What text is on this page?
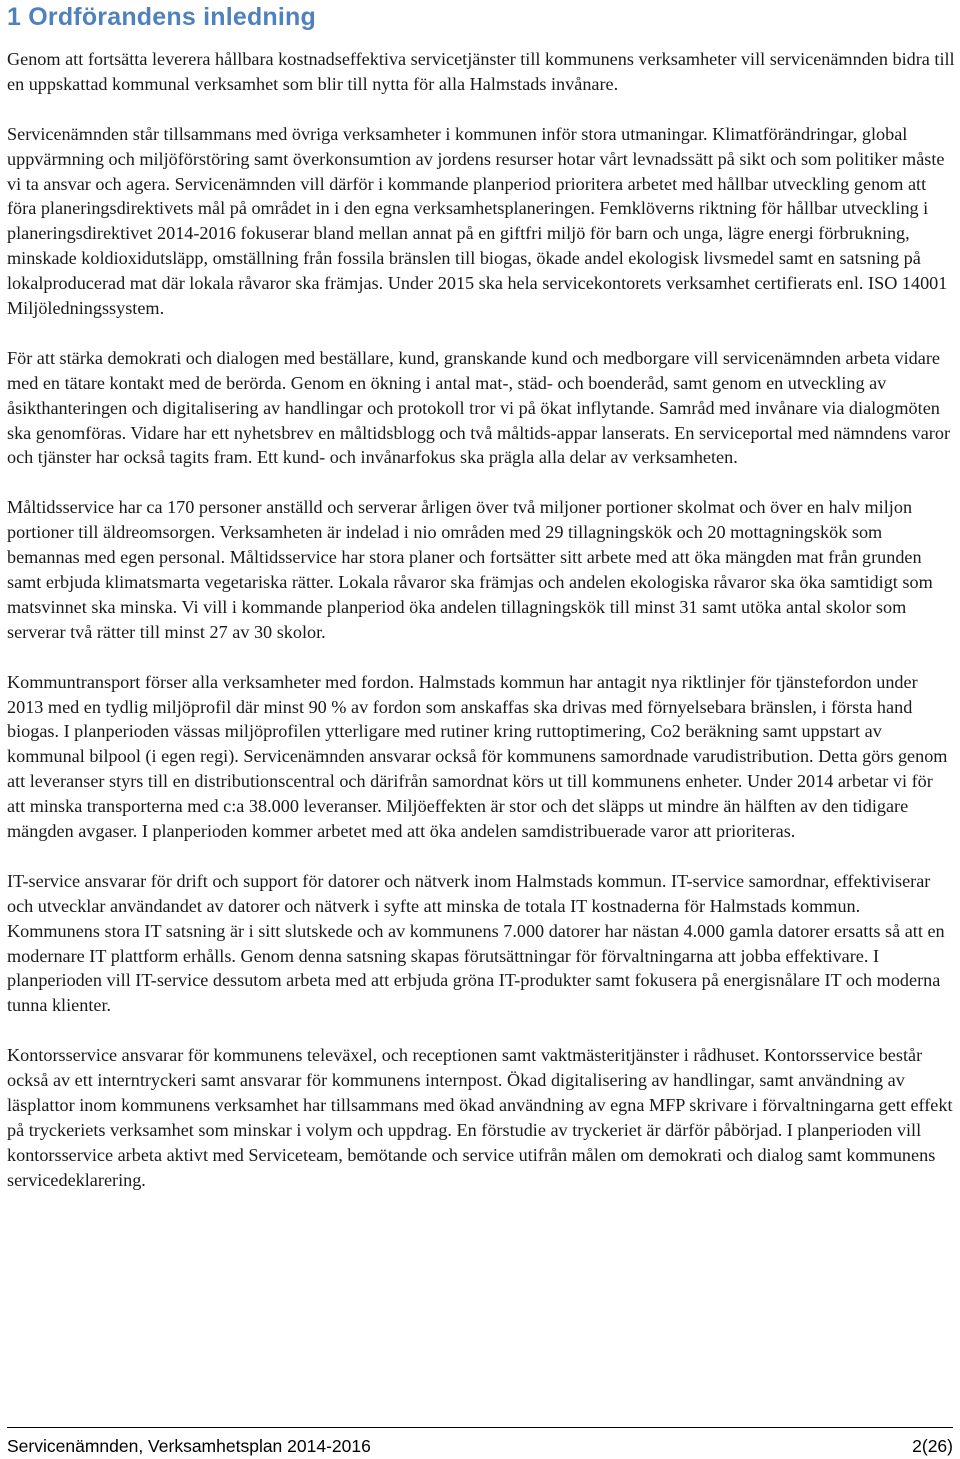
1 Ordförandens inledning

Genom att fortsätta leverera hållbara kostnadseffektiva servicetjänster till kommunens verksamheter vill servicenämnden bidra till en uppskattad kommunal verksamhet som blir till nytta för alla Halmstads invånare.

Servicenämnden står tillsammans med övriga verksamheter i kommunen inför stora utmaningar. Klimatförändringar, global uppvärmning och miljöförstöring samt överkonsumtion av jordens resurser hotar vårt levnadssätt på sikt och som politiker måste vi ta ansvar och agera. Servicenämnden vill därför i kommande planperiod prioritera arbetet med hållbar utveckling genom att föra planeringsdirektivets mål på området in i den egna verksamhetsplaneringen. Femklöverns riktning för hållbar utveckling i planeringsdirektivet 2014-2016 fokuserar bland mellan annat på en giftfri miljö för barn och unga, lägre energi förbrukning, minskade koldioxidutsläpp, omställning från fossila bränslen till biogas, ökade andel ekologisk livsmedel samt en satsning på lokalproducerad mat där lokala råvaror ska främjas. Under 2015 ska hela servicekontorets verksamhet certifierats enl. ISO 14001 Miljöledningssystem.

För att stärka demokrati och dialogen med beställare, kund, granskande kund och medborgare vill servicenämnden arbeta vidare med en tätare kontakt med de berörda. Genom en ökning i antal mat-, städ- och boenderåd, samt genom en utveckling av åsikthanteringen och digitalisering av handlingar och protokoll tror vi på ökat inflytande. Samråd med invånare via dialogmöten ska genomföras. Vidare har ett nyhetsbrev en måltidsblogg och två måltids-appar lanserats. En serviceportal med nämndens varor och tjänster har också tagits fram. Ett kund- och invånarfokus ska prägla alla delar av verksamheten.

Måltidsservice har ca 170 personer anställd och serverar årligen över två miljoner portioner skolmat och över en halv miljon portioner till äldreomsorgen. Verksamheten är indelad i nio områden med 29 tillagningskök och 20 mottagningskök som bemannas med egen personal. Måltidsservice har stora planer och fortsätter sitt arbete med att öka mängden mat från grunden samt erbjuda klimatsmarta vegetariska rätter. Lokala råvaror ska främjas och andelen ekologiska råvaror ska öka samtidigt som matsvinnet ska minska. Vi vill i kommande planperiod öka andelen tillagningskök till minst 31 samt utöka antal skolor som serverar två rätter till minst 27 av 30 skolor.

Kommuntransport förser alla verksamheter med fordon. Halmstads kommun har antagit nya riktlinjer för tjänstefordon under 2013 med en tydlig miljöprofil där minst 90 % av fordon som anskaffas ska drivas med förnyelsebara bränslen, i första hand biogas. I planperioden vässas miljöprofilen ytterligare med rutiner kring ruttoptimering, Co2 beräkning samt uppstart av kommunal bilpool (i egen regi). Servicenämnden ansvarar också för kommunens samordnade varudistribution. Detta görs genom att leveranser styrs till en distributionscentral och därifrån samordnat körs ut till kommunens enheter. Under 2014 arbetar vi för att minska transporterna med c:a 38.000 leveranser. Miljöeffekten är stor och det släpps ut mindre än hälften av den tidigare mängden avgaser. I planperioden kommer arbetet med att öka andelen samdistribuerade varor att prioriteras.

IT-service ansvarar för drift och support för datorer och nätverk inom Halmstads kommun. IT-service samordnar, effektiviserar och utvecklar användandet av datorer och nätverk i syfte att minska de totala IT kostnaderna för Halmstads kommun. Kommunens stora IT satsning är i sitt slutskede och av kommunens 7.000 datorer har nästan 4.000 gamla datorer ersatts så att en modernare IT plattform erhålls. Genom denna satsning skapas förutsättningar för förvaltningarna att jobba effektivare. I planperioden vill IT-service dessutom arbeta med att erbjuda gröna IT-produkter samt fokusera på energisnålare IT och moderna tunna klienter.

Kontorsservice ansvarar för kommunens televäxel, och receptionen samt vaktmästeritjänster i rådhuset. Kontorsservice består också av ett interntryckeri samt ansvarar för kommunens internpost. Ökad digitalisering av handlingar, samt användning av läsplattor inom kommunens verksamhet har tillsammans med ökad användning av egna MFP skrivare i förvaltningarna gett effekt på tryckeriets verksamhet som minskar i volym och uppdrag. En förstudie av tryckeriet är därför påbörjad. I planperioden vill kontorsservice arbeta aktivt med Serviceteam, bemötande och service utifrån målen om demokrati och dialog samt kommunens servicedeklarering.

Servicenämnden, Verksamhetsplan 2014-2016	2(26)
